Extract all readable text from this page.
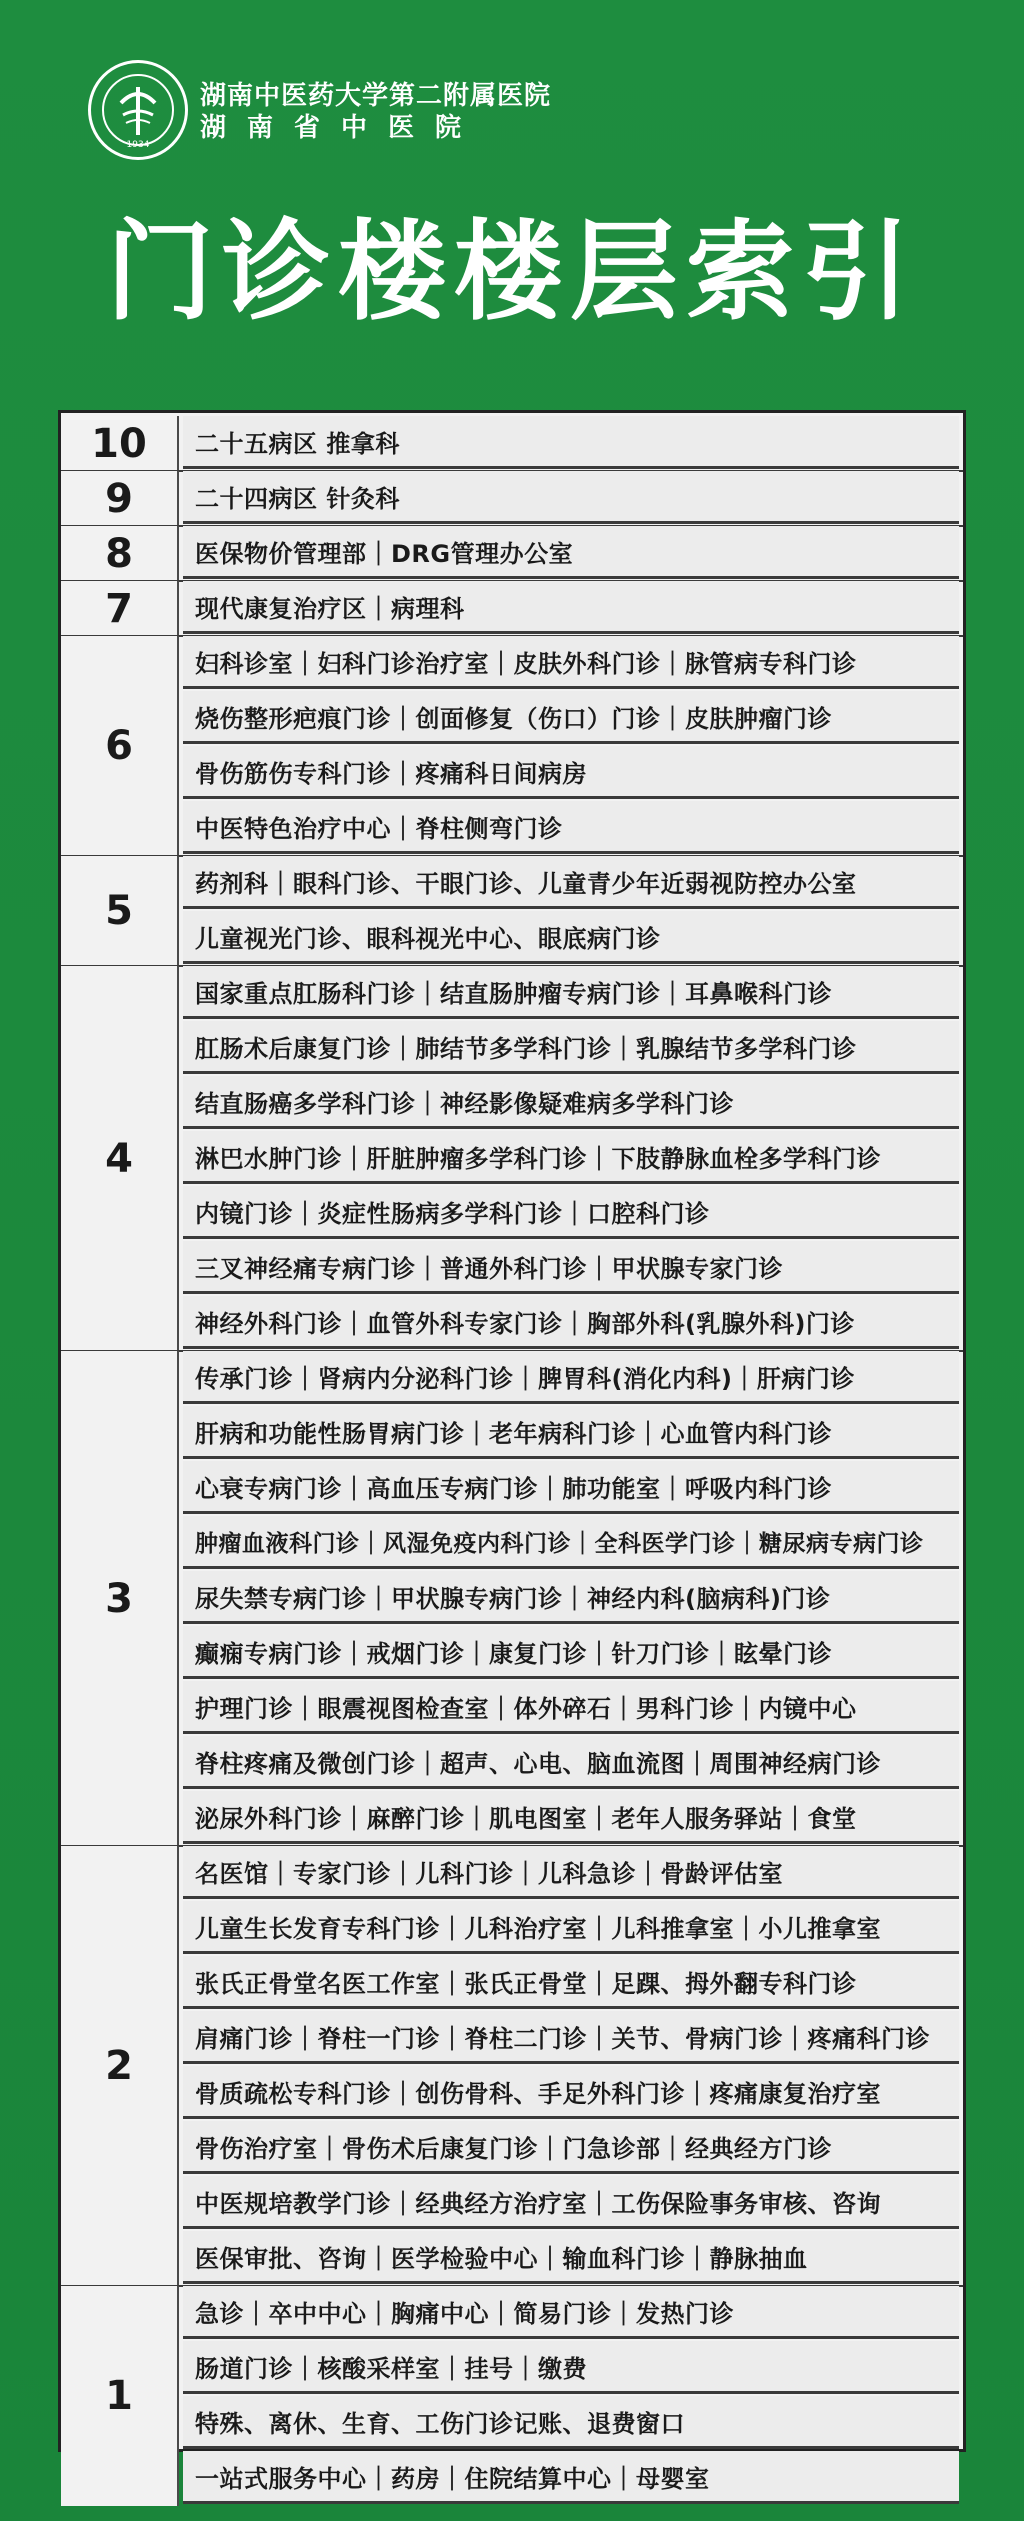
1934
湖南中医药大学第二附属医院
湖南省中医院
门诊楼楼层索引
10	二十五病区 推拿科
9	二十四病区 针灸科
8	医保物价管理部｜DRG管理办公室
7	现代康复治疗区｜病理科
6
妇科诊室｜妇科门诊治疗室｜皮肤外科门诊｜脉管病专科门诊
烧伤整形疤痕门诊｜创面修复（伤口）门诊｜皮肤肿瘤门诊
骨伤筋伤专科门诊｜疼痛科日间病房
中医特色治疗中心｜脊柱侧弯门诊
5
药剂科｜眼科门诊、干眼门诊、儿童青少年近弱视防控办公室
儿童视光门诊、眼科视光中心、眼底病门诊
4
国家重点肛肠科门诊｜结直肠肿瘤专病门诊｜耳鼻喉科门诊
肛肠术后康复门诊｜肺结节多学科门诊｜乳腺结节多学科门诊
结直肠癌多学科门诊｜神经影像疑难病多学科门诊
淋巴水肿门诊｜肝脏肿瘤多学科门诊｜下肢静脉血栓多学科门诊
内镜门诊｜炎症性肠病多学科门诊｜口腔科门诊
三叉神经痛专病门诊｜普通外科门诊｜甲状腺专家门诊
神经外科门诊｜血管外科专家门诊｜胸部外科(乳腺外科)门诊
3
传承门诊｜肾病内分泌科门诊｜脾胃科(消化内科)｜肝病门诊
肝病和功能性肠胃病门诊｜老年病科门诊｜心血管内科门诊
心衰专病门诊｜高血压专病门诊｜肺功能室｜呼吸内科门诊
肿瘤血液科门诊｜风湿免疫内科门诊｜全科医学门诊｜糖尿病专病门诊
尿失禁专病门诊｜甲状腺专病门诊｜神经内科(脑病科)门诊
癫痫专病门诊｜戒烟门诊｜康复门诊｜针刀门诊｜眩晕门诊
护理门诊｜眼震视图检查室｜体外碎石｜男科门诊｜内镜中心
脊柱疼痛及微创门诊｜超声、心电、脑血流图｜周围神经病门诊
泌尿外科门诊｜麻醉门诊｜肌电图室｜老年人服务驿站｜食堂
2
名医馆｜专家门诊｜儿科门诊｜儿科急诊｜骨龄评估室
儿童生长发育专科门诊｜儿科治疗室｜儿科推拿室｜小儿推拿室
张氏正骨堂名医工作室｜张氏正骨堂｜足踝、拇外翻专科门诊
肩痛门诊｜脊柱一门诊｜脊柱二门诊｜关节、骨病门诊｜疼痛科门诊
骨质疏松专科门诊｜创伤骨科、手足外科门诊｜疼痛康复治疗室
骨伤治疗室｜骨伤术后康复门诊｜门急诊部｜经典经方门诊
中医规培教学门诊｜经典经方治疗室｜工伤保险事务审核、咨询
医保审批、咨询｜医学检验中心｜输血科门诊｜静脉抽血
1
急诊｜卒中中心｜胸痛中心｜简易门诊｜发热门诊
肠道门诊｜核酸采样室｜挂号｜缴费
特殊、离休、生育、工伤门诊记账、退费窗口
一站式服务中心｜药房｜住院结算中心｜母婴室
